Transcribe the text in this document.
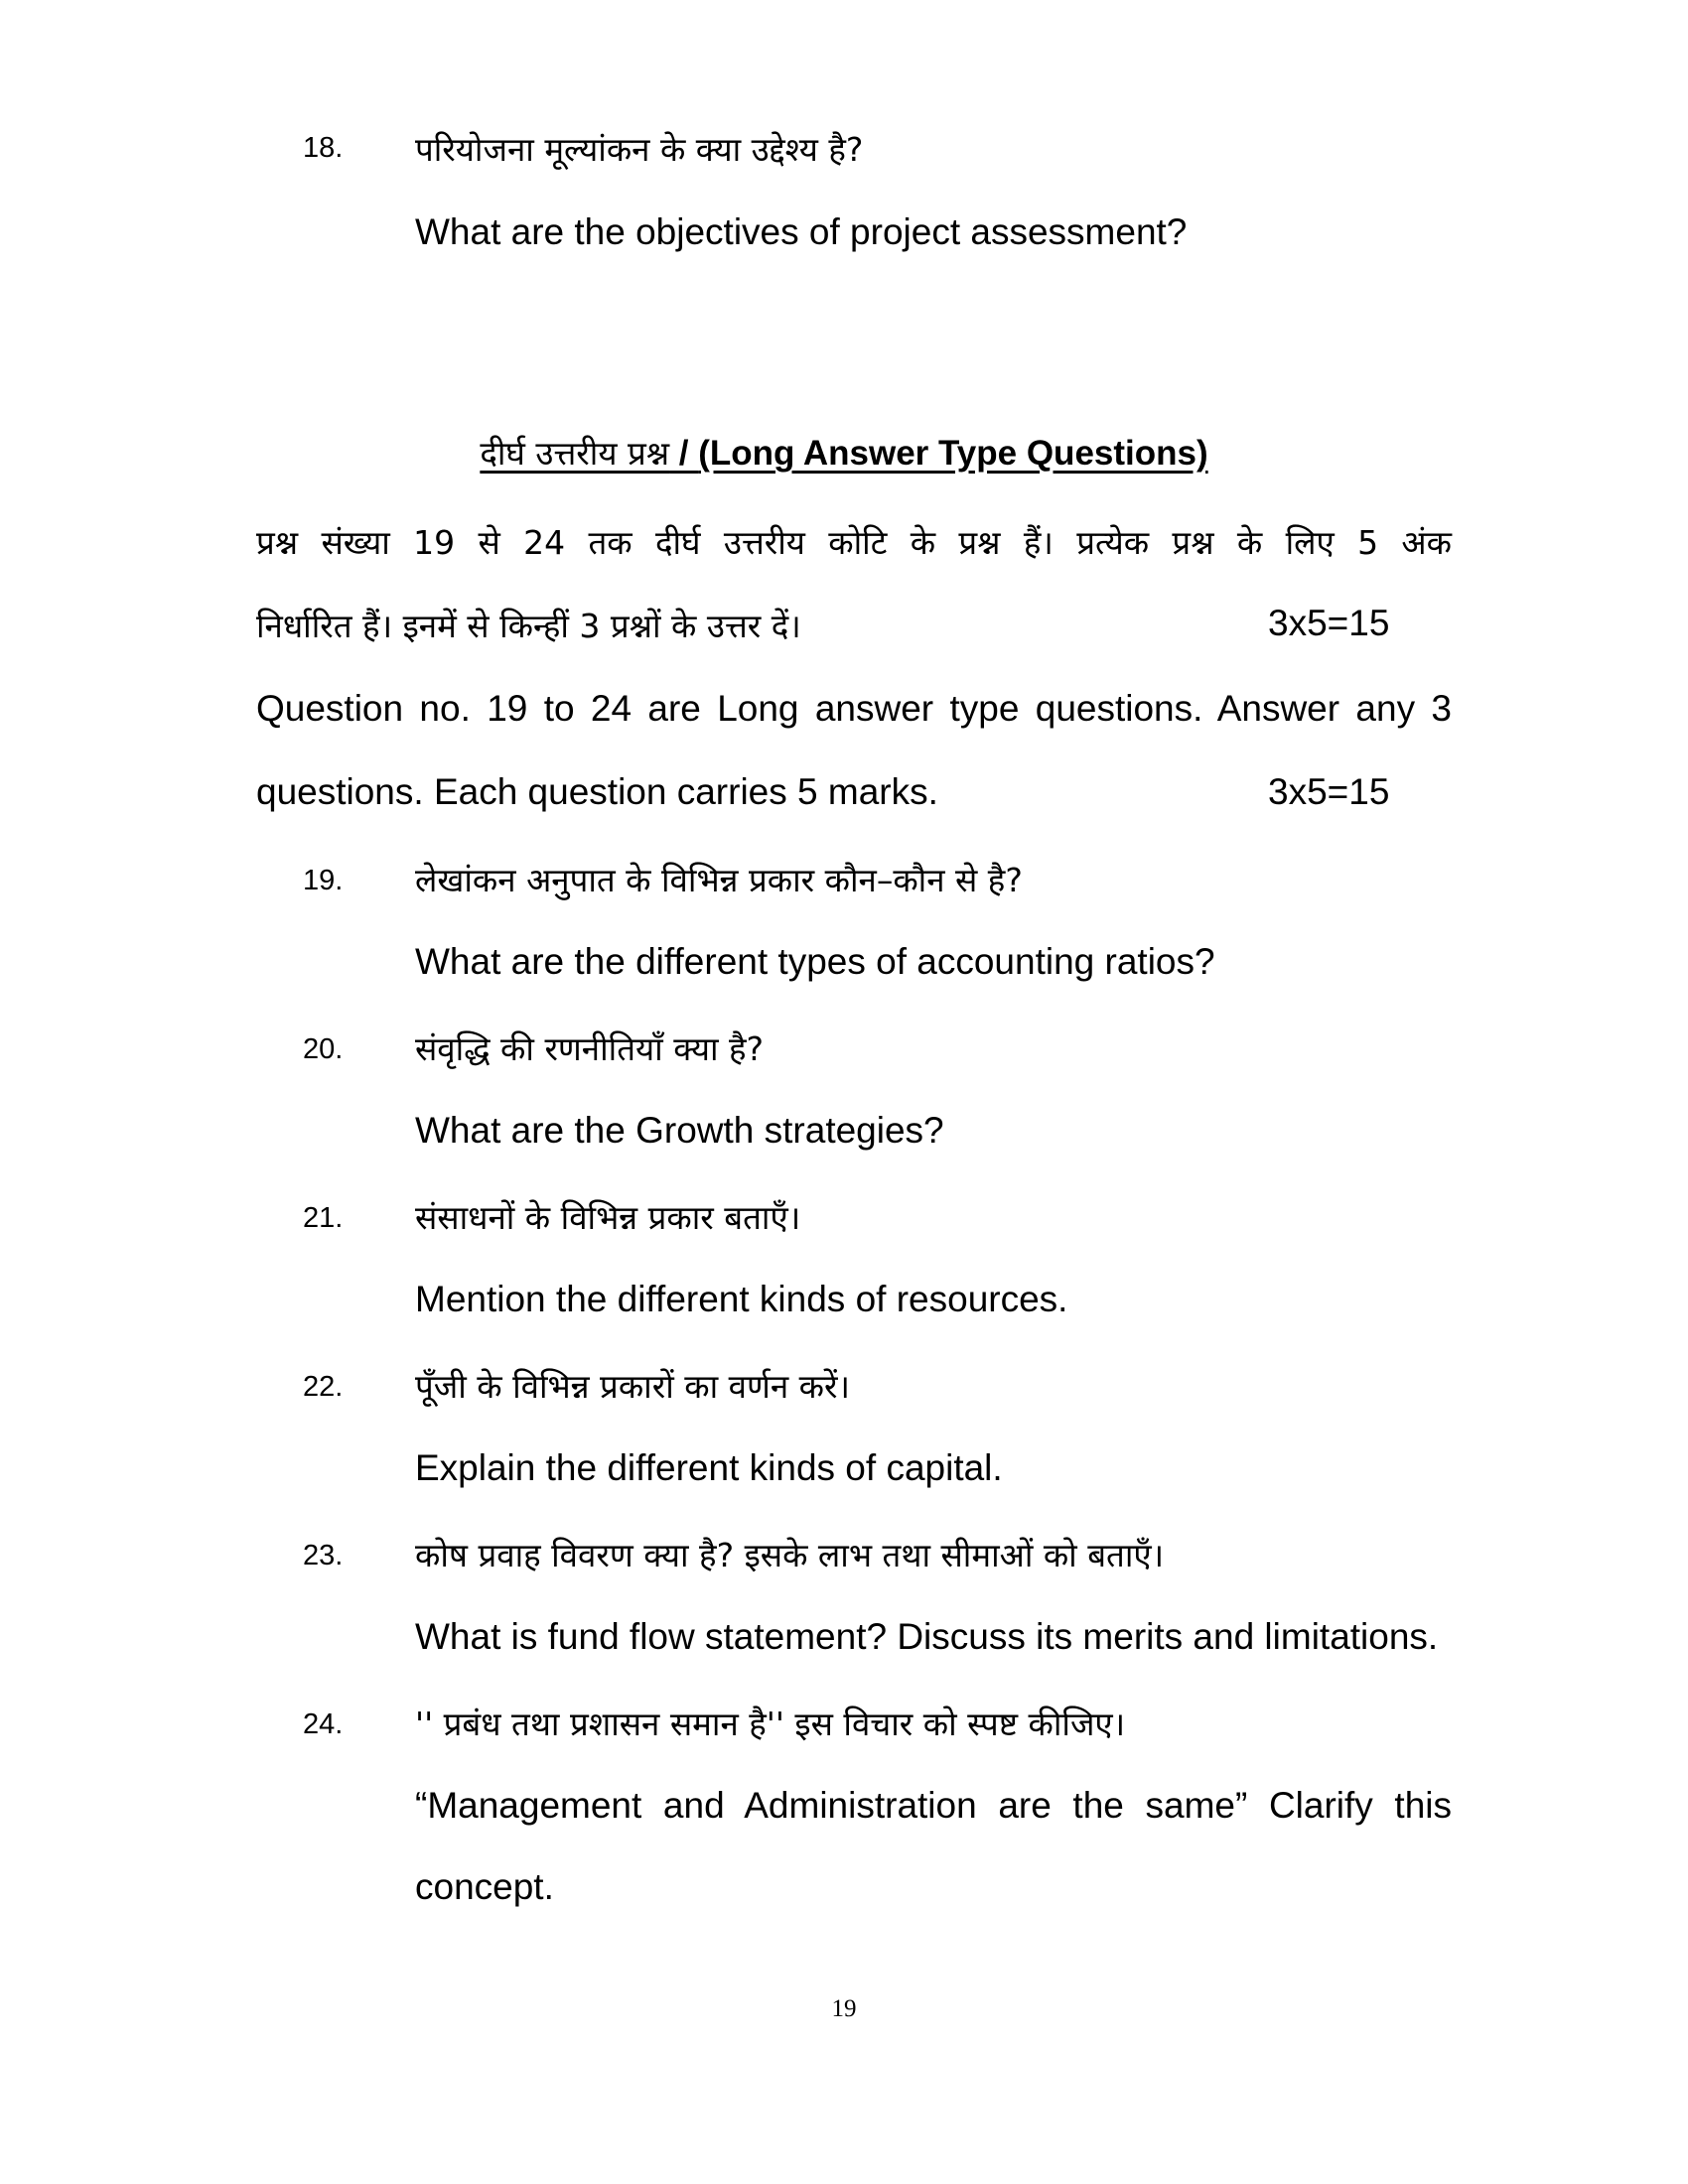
18. परियोजना मूल्यांकन के क्या उद्देश्य है?
What are the objectives of project assessment?
दीर्घ उत्तरीय प्रश्न / (Long Answer Type Questions)
प्रश्न संख्या 19 से 24 तक दीर्घ उत्तरीय कोटि के प्रश्न हैं। प्रत्येक प्रश्न के लिए 5 अंक
निर्धारित हैं। इनमें से किन्हीं 3 प्रश्नों के उत्तर दें।	3x5=15
Question no. 19 to 24 are Long answer type questions. Answer any 3
questions. Each question carries 5 marks.	3x5=15
19. लेखांकन अनुपात के विभिन्न प्रकार कौन–कौन से है?
What are the different types of accounting ratios?
20. संवृद्धि की रणनीतियाँ क्या है?
What are the Growth strategies?
21. संसाधनों के विभिन्न प्रकार बताएँ।
Mention the different kinds of resources.
22. पूँजी के विभिन्न प्रकारों का वर्णन करें।
Explain the different kinds of capital.
23. कोष प्रवाह विवरण क्या है? इसके लाभ तथा सीमाओं को बताएँ।
What is fund flow statement? Discuss its merits and limitations.
24. '' प्रबंध तथा प्रशासन समान है'' इस विचार को स्पष्ट कीजिए।
“Management and Administration are the same” Clarify this
concept.
19
